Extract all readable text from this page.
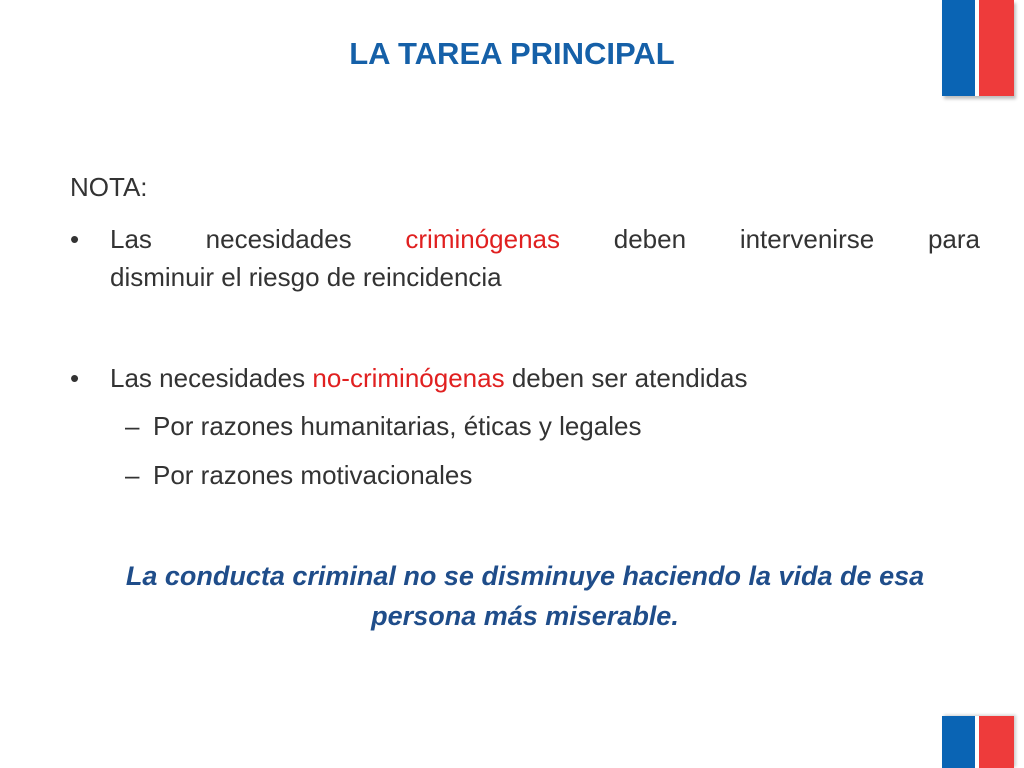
LA TAREA PRINCIPAL
NOTA:
•	Las necesidades criminógenas deben intervenirse para
disminuir el riesgo de reincidencia
•	Las necesidades no-criminógenas deben ser atendidas
– Por razones humanitarias, éticas y legales
– Por razones motivacionales
La conducta criminal no se disminuye haciendo la vida de esa persona más miserable.
